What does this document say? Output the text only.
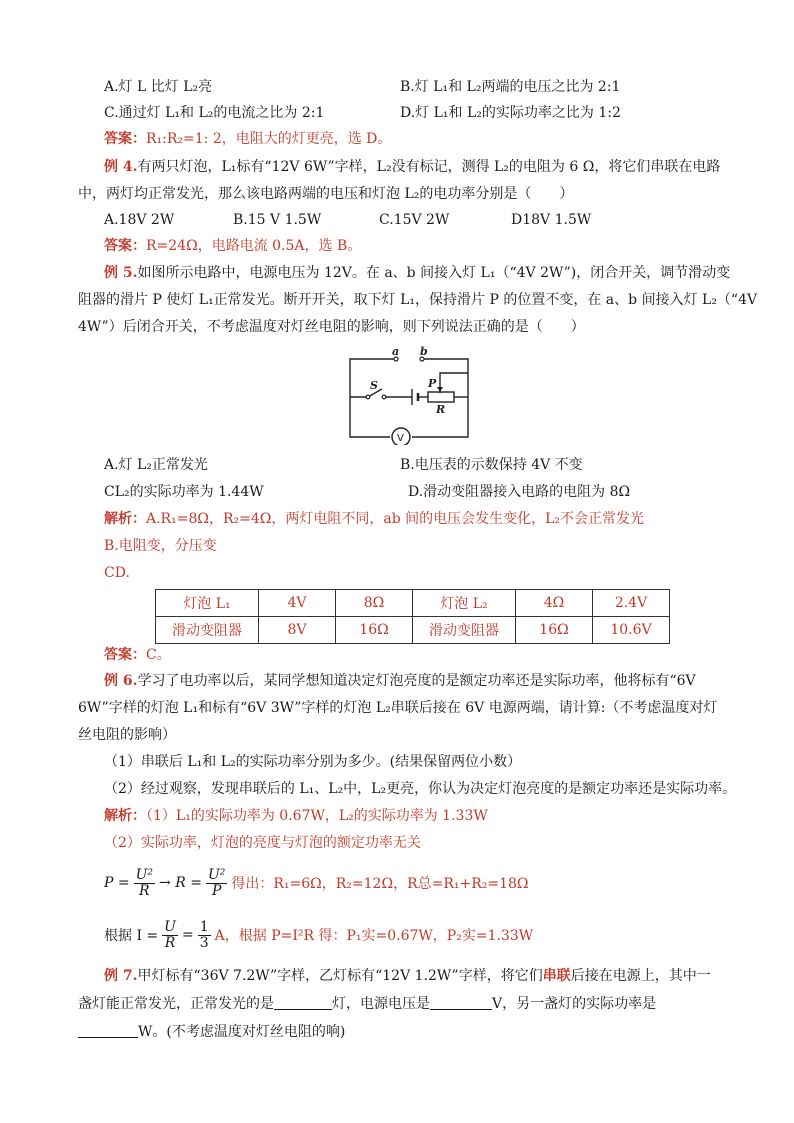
A.灯 L 比灯 L₂亮	B.灯 L₁和 L₂两端的电压之比为 2:1
C.通过灯 L₁和 L₂的电流之比为 2:1	D.灯 L₁和 L₂的实际功率之比为 1:2
答案：R₁:R₂=1: 2，电阻大的灯更亮，选 D。
例 4.有两只灯泡，L₁标有“12V 6W”字样，L₂没有标记，测得 L₂的电阻为 6 Ω，将它们串联在电路
中，两灯均正常发光，那么该电路两端的电压和灯泡 L₂的电功率分别是（　　）
A.18V 2W	B.15 V 1.5W	C.15V 2W	D18V 1.5W
答案：R=24Ω，电路电流 0.5A，选 B。
例 5.如图所示电路中，电源电压为 12V。在 a、b 间接入灯 L₁（“4V 2W”)，闭合开关，调节滑动变
阻器的滑片 P 使灯 L₁正常发光。断开开关，取下灯 L₁，保持滑片 P 的位置不变，在 a、b 间接入灯 L₂（“4V
4W”）后闭合开关，不考虑温度对灯丝电阻的影响，则下列说法正确的是（　　）
a b
S	P
R
V
A.灯 L₂正常发光	B.电压表的示数保持 4V 不变
CL₂的实际功率为 1.44W	D.滑动变阻器接入电路的电阻为 8Ω
解析：A.R₁=8Ω，R₂=4Ω，两灯电阻不同，ab 间的电压会发生变化，L₂不会正常发光
B.电阻变，分压变
CD.
灯泡 L₁	4V	8Ω	灯泡 L₂	4Ω	2.4V
滑动变阻器	8V	16Ω	滑动变阻器	16Ω	10.6V
答案：C。
例 6.学习了电功率以后，某同学想知道决定灯泡亮度的是额定功率还是实际功率，他将标有“6V
6W”字样的灯泡 L₁和标有“6V 3W”字样的灯泡 L₂串联后接在 6V 电源两端，请计算:（不考虑温度对灯
丝电阻的影响）
（1）串联后 L₁和 L₂的实际功率分别为多少。(结果保留两位小数）
（2）经过观察，发现串联后的 L₁、L₂中，L₂更亮，你认为决定灯泡亮度的是额定功率还是实际功率。
解析：（1）L₁的实际功率为 0.67W，L₂的实际功率为 1.33W
（2）实际功率，灯泡的亮度与灯泡的额定功率无关
$P = \frac{\text{U²}}{R} \to R = \frac{\text{U²}}{P}$ 得出：R₁=6Ω，R₂=12Ω，R总=R₁+R₂=18Ω
根据 $I = \frac{U}{R} = \frac{1}{3}$ A，根据 P=I²R 得：P₁实=0.67W，P₂实=1.33W
例 7.甲灯标有“36V 7.2W”字样，乙灯标有“12V 1.2W”字样，将它们串联后接在电源上，其中一
盏灯能正常发光，正常发光的是	灯，电源电压是	V，另一盏灯的实际功率是
W。(不考虑温度对灯丝电阻的响)
